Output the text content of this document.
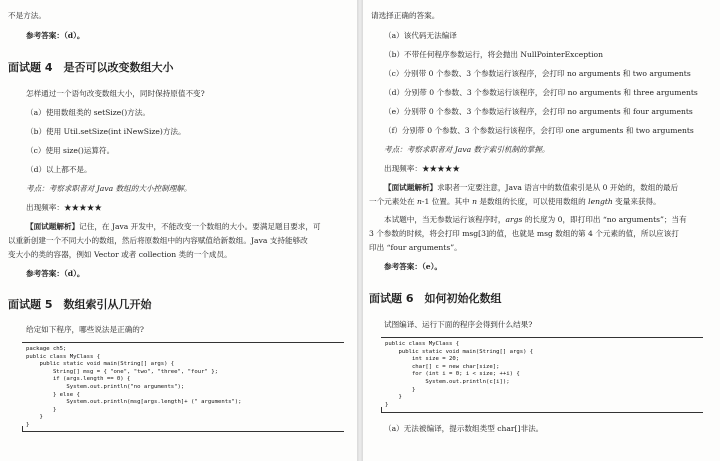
不是方法。
参考答案：（d）。
面试题 4　是否可以改变数组大小
怎样通过一个语句改变数组大小，同时保持原值不变?
（a）使用数组类的 setSize()方法。
（b）使用 Util.setSize(int iNewSize)方法。
（c）使用 size()运算符。
（d）以上都不是。
考点：考察求职者对 Java 数组的大小控制理解。
出现频率：★★★★★
【面试题解析】记住，在 Java 开发中，不能改变一个数组的大小。要满足题目要求，可
以重新创建一个不同大小的数组，然后将原数组中的内容赋值给新数组。Java 支持能够改
变大小的类的容器，例如 Vector 或者 collection 类的一个成员。
参考答案：（d）。
面试题 5　数组索引从几开始
给定如下程序，哪些说法是正确的?
package ch5;
public class MyClass {
public static void main(String[] args) {
String[] msg = { "one", "two", "three", "four" };
if (args.length == 0) {
System.out.println("no arguments");
} else {
System.out.println(msg[args.length]+ (" arguments");
}
}
}
请选择正确的答案。
（a）该代码无法编译
（b）不带任何程序参数运行，将会抛出 NullPointerException
（c）分别带 0 个参数、3 个参数运行该程序，会打印 no arguments 和 two arguments
（d）分别带 0 个参数、3 个参数运行该程序，会打印 no arguments 和 three arguments
（e）分别带 0 个参数、3 个参数运行该程序，会打印 no arguments 和 four arguments
（f）分别带 0 个参数、3 个参数运行该程序，会打印 one arguments 和 two arguments
考点：考察求职者对 Java 数字索引机制的掌握。
出现频率：★★★★★
【面试题解析】求职者一定要注意，Java 语言中的数值索引是从 0 开始的，数组的最后
一个元素处在 n-1 位置。其中 n 是数组的长度，可以使用数组的 length 变量来获得。
本试题中，当无参数运行该程序时，args 的长度为 0，即打印出 “no arguments”；当有
3 个参数的时候，将会打印 msg[3]的值，也就是 msg 数组的第 4 个元素的值，所以应该打
印出 “four arguments”。
参考答案：（e）。
面试题 6　如何初始化数组
试图编译、运行下面的程序会得到什么结果?
public class MyClass {
public static void main(String[] args) {
int size = 20;
char[] c = new char[size];
for (int i = 0; i < size; ++i) {
System.out.println(c[i]);
}
}
}
（a）无法被编译，提示数组类型 char[]非法。
